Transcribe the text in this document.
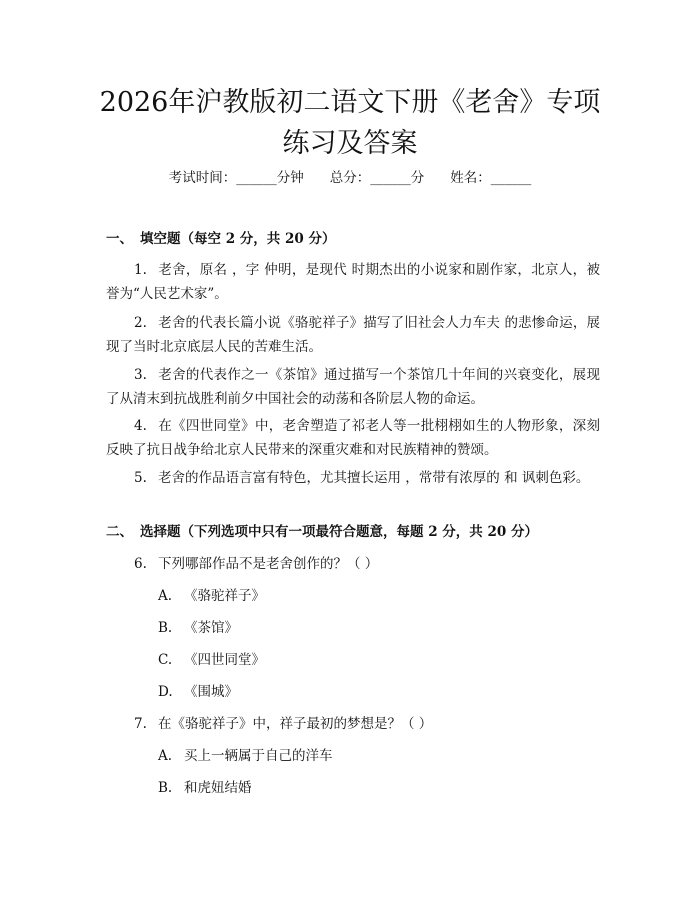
2026年沪教版初二语文下册《老舍》专项练习及答案
考试时间：______分钟 总分：______分 姓名：______
一、 填空题（每空 2 分，共 20 分）

1. 老舍，原名 ，字 仲明，是现代 时期杰出的小说家和剧作家，北京人，被誉为“人民艺术家”。

2. 老舍的代表长篇小说《骆驼祥子》描写了旧社会人力车夫 的悲惨命运，展现了当时北京底层人民的苦难生活。

3. 老舍的代表作之一《茶馆》通过描写一个茶馆几十年间的兴衰变化，展现了从清末到抗战胜利前夕中国社会的动荡和各阶层人物的命运。

4. 在《四世同堂》中，老舍塑造了祁老人等一批栩栩如生的人物形象，深刻反映了抗日战争给北京人民带来的深重灾难和对民族精神的赞颂。

5. 老舍的作品语言富有特色，尤其擅长运用 ，常带有浓厚的 和 讽刺色彩。

二、 选择题（下列选项中只有一项最符合题意，每题 2 分，共 20 分）
6. 下列哪部作品不是老舍创作的？（ ）
A. 《骆驼祥子》
B. 《茶馆》
C. 《四世同堂》
D. 《围城》
7. 在《骆驼祥子》中，祥子最初的梦想是？（ ）
A. 买上一辆属于自己的洋车
B. 和虎妞结婚
